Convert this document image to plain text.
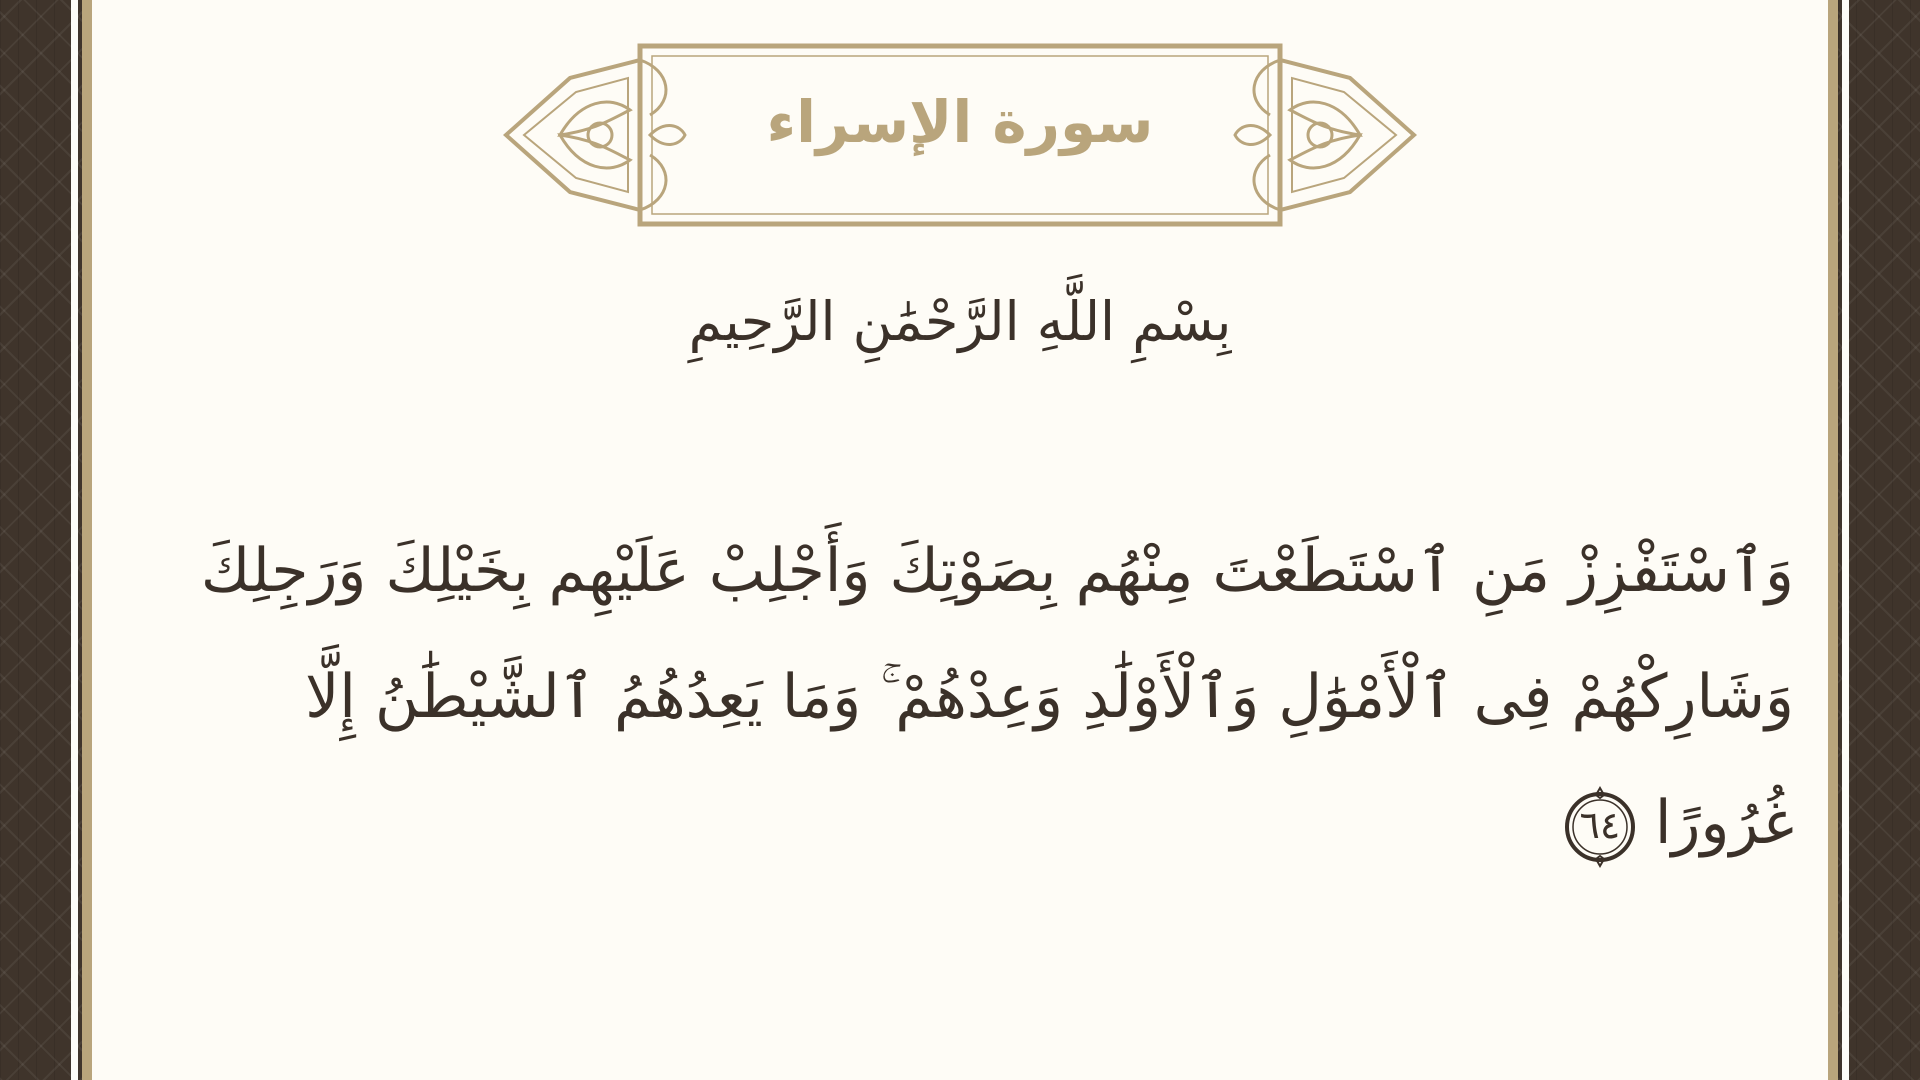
سورة الإسراء
بِسْمِ اللَّهِ الرَّحْمَٰنِ الرَّحِيمِ
وَٱسْتَفْزِزْ مَنِ ٱسْتَطَعْتَ مِنْهُم بِصَوْتِكَ وَأَجْلِبْ عَلَيْهِم بِخَيْلِكَ وَرَجِلِكَ
وَشَارِكْهُمْ فِى ٱلْأَمْوَٰلِ وَٱلْأَوْلَٰدِ وَعِدْهُمْ ۚ وَمَا يَعِدُهُمُ ٱلشَّيْطَٰنُ إِلَّا
غُرُورًا
٦٤
